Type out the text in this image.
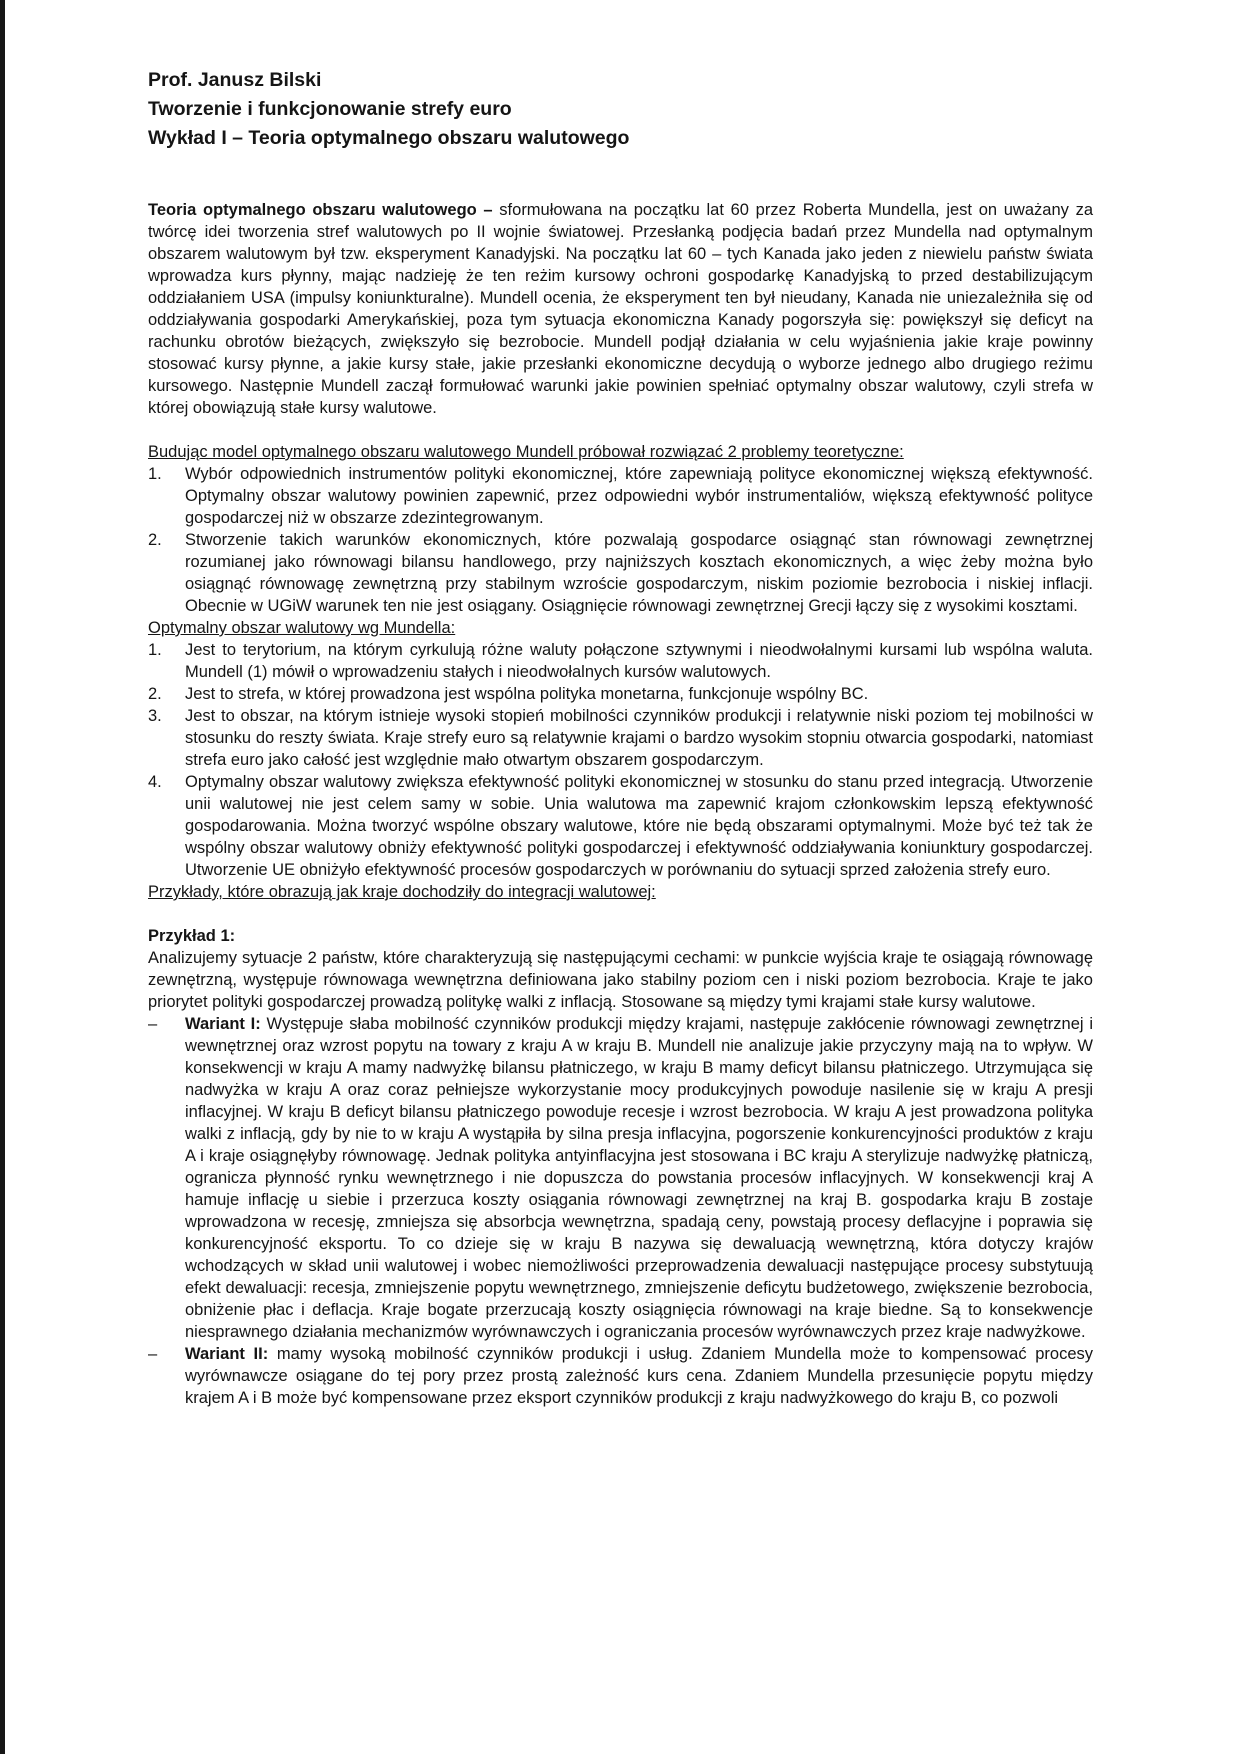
Prof. Janusz Bilski
Tworzenie i funkcjonowanie strefy euro
Wykład I – Teoria optymalnego obszaru walutowego

Teoria optymalnego obszaru walutowego – sformułowana na początku lat 60 przez Roberta Mundella, jest on uważany za twórcę idei tworzenia stref walutowych po II wojnie światowej. Przesłanką podjęcia badań przez Mundella nad optymalnym obszarem walutowym był tzw. eksperyment Kanadyjski. Na początku lat 60 – tych Kanada jako jeden z niewielu państw świata wprowadza kurs płynny, mając nadzieję że ten reżim kursowy ochroni gospodarkę Kanadyjską to przed destabilizującym oddziałaniem USA (impulsy koniunkturalne). Mundell ocenia, że eksperyment ten był nieudany, Kanada nie uniezależniła się od oddziaływania gospodarki Amerykańskiej, poza tym sytuacja ekonomiczna Kanady pogorszyła się: powiększył się deficyt na rachunku obrotów bieżących, zwiększyło się bezrobocie. Mundell podjął działania w celu wyjaśnienia jakie kraje powinny stosować kursy płynne, a jakie kursy stałe, jakie przesłanki ekonomiczne decydują o wyborze jednego albo drugiego reżimu kursowego. Następnie Mundell zaczął formułować warunki jakie powinien spełniać optymalny obszar walutowy, czyli strefa w której obowiązują stałe kursy walutowe.

Budując model optymalnego obszaru walutowego Mundell próbował rozwiązać 2 problemy teoretyczne:
1.	Wybór odpowiednich instrumentów polityki ekonomicznej, które zapewniają polityce ekonomicznej większą efektywność. Optymalny obszar walutowy powinien zapewnić, przez odpowiedni wybór instrumentaliów, większą efektywność polityce gospodarczej niż w obszarze zdezintegrowanym.
2.	Stworzenie takich warunków ekonomicznych, które pozwalają gospodarce osiągnąć stan równowagi zewnętrznej rozumianej jako równowagi bilansu handlowego, przy najniższych kosztach ekonomicznych, a więc żeby można było osiągnąć równowagę zewnętrzną przy stabilnym wzroście gospodarczym, niskim poziomie bezrobocia i niskiej inflacji. Obecnie w UGiW warunek ten nie jest osiągany. Osiągnięcie równowagi zewnętrznej Grecji łączy się z wysokimi kosztami.
Optymalny obszar walutowy wg Mundella:
1.	Jest to terytorium, na którym cyrkulują różne waluty połączone sztywnymi i nieodwołalnymi kursami lub wspólna waluta. Mundell (1) mówił o wprowadzeniu stałych i nieodwołalnych kursów walutowych.
2.	Jest to strefa, w której prowadzona jest wspólna polityka monetarna, funkcjonuje wspólny BC.
3.	Jest to obszar, na którym istnieje wysoki stopień mobilności czynników produkcji i relatywnie niski poziom tej mobilności w stosunku do reszty świata. Kraje strefy euro są relatywnie krajami o bardzo wysokim stopniu otwarcia gospodarki, natomiast strefa euro jako całość jest względnie mało otwartym obszarem gospodarczym.
4.	Optymalny obszar walutowy zwiększa efektywność polityki ekonomicznej w stosunku do stanu przed integracją. Utworzenie unii walutowej nie jest celem samy w sobie. Unia walutowa ma zapewnić krajom członkowskim lepszą efektywność gospodarowania. Można tworzyć wspólne obszary walutowe, które nie będą obszarami optymalnymi. Może być też tak że wspólny obszar walutowy obniży efektywność polityki gospodarczej i efektywność oddziaływania koniunktury gospodarczej. Utworzenie UE obniżyło efektywność procesów gospodarczych w porównaniu do sytuacji sprzed założenia strefy euro.
Przykłady, które obrazują jak kraje dochodziły do integracji walutowej:
Przykład 1:

Analizujemy sytuacje 2 państw, które charakteryzują się następującymi cechami: w punkcie wyjścia kraje te osiągają równowagę zewnętrzną, występuje równowaga wewnętrzna definiowana jako stabilny poziom cen i niski poziom bezrobocia. Kraje te jako priorytet polityki gospodarczej prowadzą politykę walki z inflacją. Stosowane są między tymi krajami stałe kursy walutowe.

–	Wariant I: Występuje słaba mobilność czynników produkcji między krajami, następuje zakłócenie równowagi zewnętrznej i wewnętrznej oraz wzrost popytu na towary z kraju A w kraju B. Mundell nie analizuje jakie przyczyny mają na to wpływ. W konsekwencji w kraju A mamy nadwyżkę bilansu płatniczego, w kraju B mamy deficyt bilansu płatniczego. Utrzymująca się nadwyżka w kraju A oraz coraz pełniejsze wykorzystanie mocy produkcyjnych powoduje nasilenie się w kraju A presji inflacyjnej. W kraju B deficyt bilansu płatniczego powoduje recesje i wzrost bezrobocia. W kraju A jest prowadzona polityka walki z inflacją, gdy by nie to w kraju A wystąpiła by silna presja inflacyjna, pogorszenie konkurencyjności produktów z kraju A i kraje osiągnęłyby równowagę. Jednak polityka antyinflacyjna jest stosowana i BC kraju A sterylizuje nadwyżkę płatniczą, ogranicza płynność rynku wewnętrznego i nie dopuszcza do powstania procesów inflacyjnych. W konsekwencji kraj A hamuje inflację u siebie i przerzuca koszty osiągania równowagi zewnętrznej na kraj B. gospodarka kraju B zostaje wprowadzona w recesję, zmniejsza się absorbcja wewnętrzna, spadają ceny, powstają procesy deflacyjne i poprawia się konkurencyjność eksportu. To co dzieje się w kraju B nazywa się dewaluacją wewnętrzną, która dotyczy krajów wchodzących w skład unii walutowej i wobec niemożliwości przeprowadzenia dewaluacji następujące procesy substytuują efekt dewaluacji: recesja, zmniejszenie popytu wewnętrznego, zmniejszenie deficytu budżetowego, zwiększenie bezrobocia, obniżenie płac i deflacja. Kraje bogate przerzucają koszty osiągnięcia równowagi na kraje biedne. Są to konsekwencje niesprawnego działania mechanizmów wyrównawczych i ograniczania procesów wyrównawczych przez kraje nadwyżkowe.
–	Wariant II: mamy wysoką mobilność czynników produkcji i usług. Zdaniem Mundella może to kompensować procesy wyrównawcze osiągane do tej pory przez prostą zależność kurs cena. Zdaniem Mundella przesunięcie popytu między krajem A i B może być kompensowane przez eksport czynników produkcji z kraju nadwyżkowego do kraju B, co pozwoli
